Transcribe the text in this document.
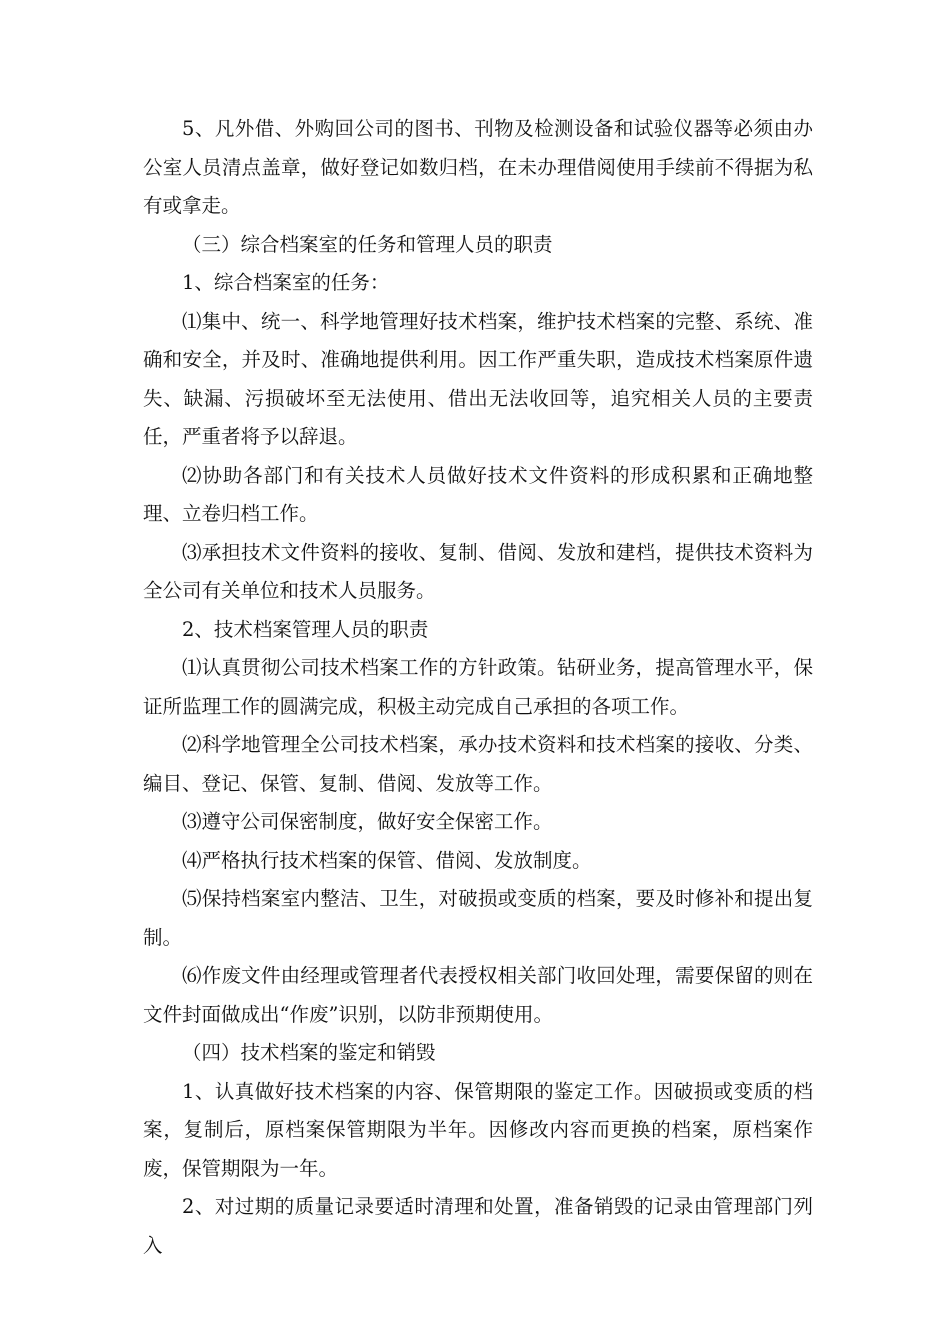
5、凡外借、外购回公司的图书、刊物及检测设备和试验仪器等必须由办公室人员清点盖章，做好登记如数归档，在未办理借阅使用手续前不得据为私有或拿走。

（三）综合档案室的任务和管理人员的职责

1、综合档案室的任务：

⑴集中、统一、科学地管理好技术档案，维护技术档案的完整、系统、准确和安全，并及时、准确地提供利用。因工作严重失职，造成技术档案原件遗失、缺漏、污损破坏至无法使用、借出无法收回等，追究相关人员的主要责任，严重者将予以辞退。

⑵协助各部门和有关技术人员做好技术文件资料的形成积累和正确地整理、立卷归档工作。

⑶承担技术文件资料的接收、复制、借阅、发放和建档，提供技术资料为全公司有关单位和技术人员服务。

2、技术档案管理人员的职责

⑴认真贯彻公司技术档案工作的方针政策。钻研业务，提高管理水平，保证所监理工作的圆满完成，积极主动完成自己承担的各项工作。

⑵科学地管理全公司技术档案，承办技术资料和技术档案的接收、分类、编目、登记、保管、复制、借阅、发放等工作。

⑶遵守公司保密制度，做好安全保密工作。

⑷严格执行技术档案的保管、借阅、发放制度。

⑸保持档案室内整洁、卫生，对破损或变质的档案，要及时修补和提出复制。

⑹作废文件由经理或管理者代表授权相关部门收回处理，需要保留的则在文件封面做成出“作废”识别，以防非预期使用。

（四）技术档案的鉴定和销毁

1、认真做好技术档案的内容、保管期限的鉴定工作。因破损或变质的档案，复制后，原档案保管期限为半年。因修改内容而更换的档案，原档案作废，保管期限为一年。

2、对过期的质量记录要适时清理和处置，准备销毁的记录由管理部门列入
